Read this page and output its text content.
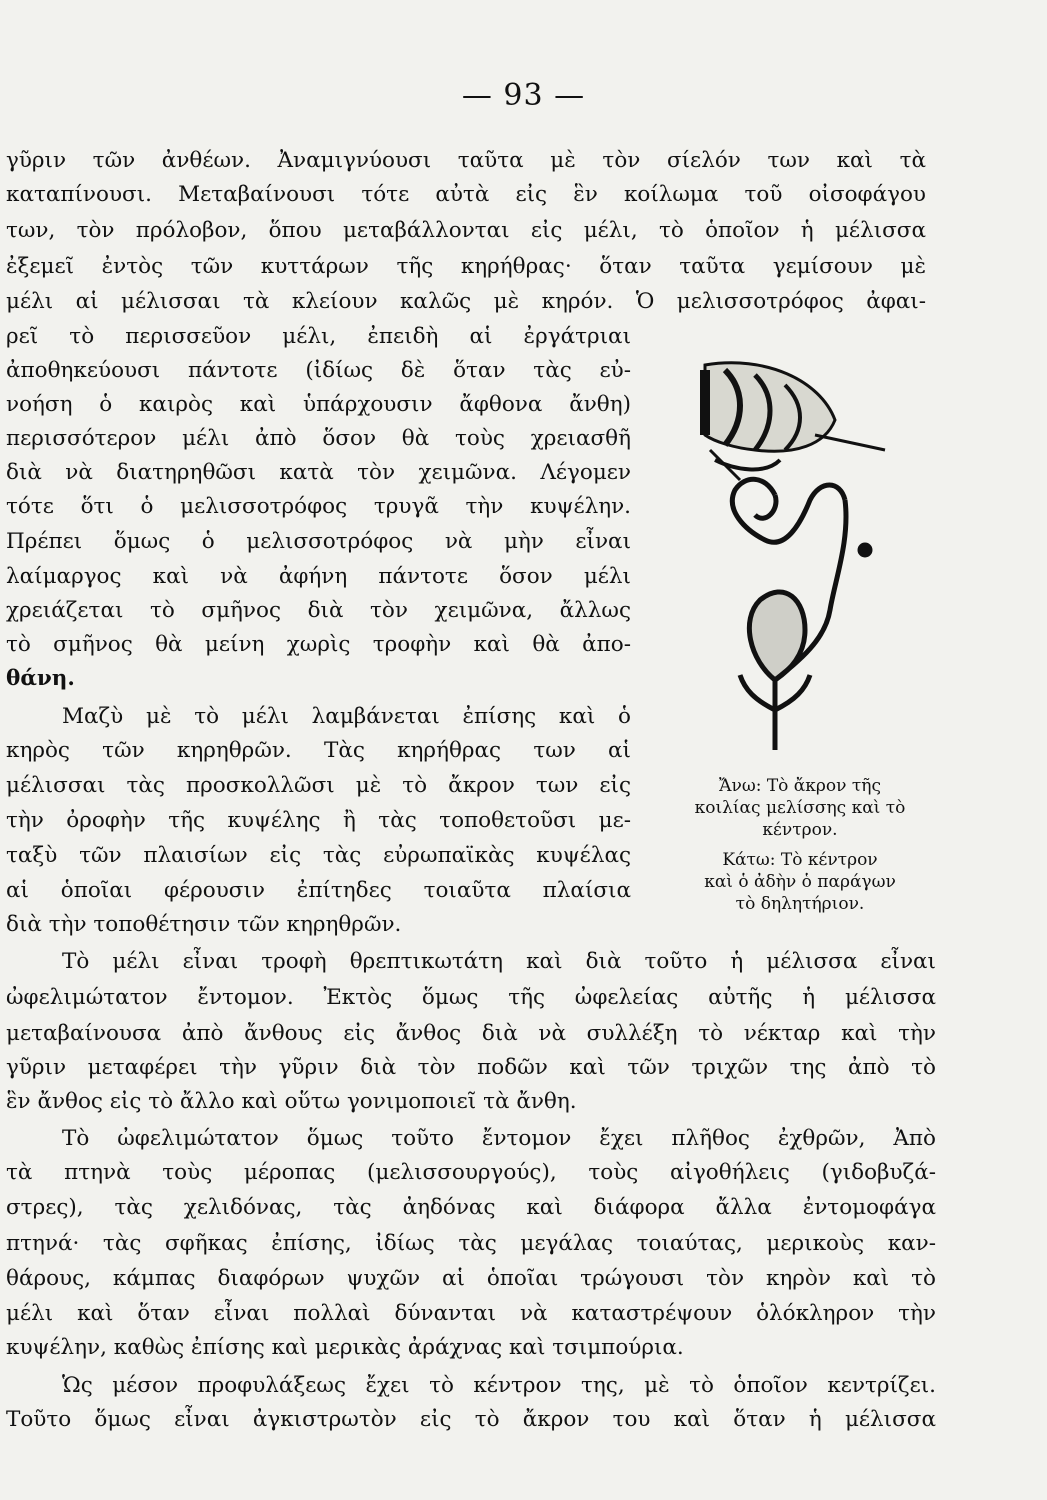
— 93 —
γῦριν τῶν ἀνθέων. Ἀναμιγνύουσι ταῦτα μὲ τὸν σίελόν των καὶ τὰ
καταπίνουσι. Μεταβαίνουσι τότε αὐτὰ εἰς ἓν κοίλωμα τοῦ οἰσοφάγου
των, τὸν πρόλοβον, ὅπου μεταβάλλονται εἰς μέλι, τὸ ὁποῖον ἡ μέλισσα
ἐξεμεῖ ἐντὸς τῶν κυττάρων τῆς κηρήθρας· ὅταν ταῦτα γεμίσουν μὲ
μέλι αἱ μέλισσαι τὰ κλείουν καλῶς μὲ κηρόν. Ὁ μελισσοτρόφος ἀφαι-
ρεῖ τὸ περισσεῦον μέλι, ἐπειδὴ αἱ ἐργάτριαι
ἀποθηκεύουσι πάντοτε (ἰδίως δὲ ὅταν τὰς εὐ-
νοήση ὁ καιρὸς καὶ ὑπάρχουσιν ἄφθονα ἄνθη)
περισσότερον μέλι ἀπὸ ὅσον θὰ τοὺς χρειασθῆ
διὰ νὰ διατηρηθῶσι κατὰ τὸν χειμῶνα. Λέγομεν
τότε ὅτι ὁ μελισσοτρόφος τρυγᾶ τὴν κυψέλην.
Πρέπει ὅμως ὁ μελισσοτρόφος νὰ μὴν εἶναι
λαίμαργος καὶ νὰ ἀφήνη πάντοτε ὅσον μέλι
χρειάζεται τὸ σμῆνος διὰ τὸν χειμῶνα, ἄλλως
τὸ σμῆνος θὰ μείνη χωρὶς τροφὴν καὶ θὰ ἀπο-
θάνη.
Μαζὺ μὲ τὸ μέλι λαμβάνεται ἐπίσης καὶ ὁ
κηρὸς τῶν κηρηθρῶν. Τὰς κηρήθρας των αἱ
μέλισσαι τὰς προσκολλῶσι μὲ τὸ ἄκρον των εἰς
τὴν ὀροφὴν τῆς κυψέλης ἢ τὰς τοποθετοῦσι με-
ταξὺ τῶν πλαισίων εἰς τὰς εὐρωπαϊκὰς κυψέλας
αἱ ὁποῖαι φέρουσιν ἐπίτηδες τοιαῦτα πλαίσια
διὰ τὴν τοποθέτησιν τῶν κηρηθρῶν.
Ἄνω: Τὸ ἄκρον τῆς
κοιλίας μελίσσης καὶ τὸ
κέντρον.
Κάτω: Τὸ κέντρον
καὶ ὁ ἀδὴν ὁ παράγων
τὸ δηλητήριον.
Τὸ μέλι εἶναι τροφὴ θρεπτικωτάτη καὶ διὰ τοῦτο ἡ μέλισσα εἶναι
ὠφελιμώτατον ἔντομον. Ἐκτὸς ὅμως τῆς ὠφελείας αὐτῆς ἡ μέλισσα
μεταβαίνουσα ἀπὸ ἄνθους εἰς ἄνθος διὰ νὰ συλλέξη τὸ νέκταρ καὶ τὴν
γῦριν μεταφέρει τὴν γῦριν διὰ τὸν ποδῶν καὶ τῶν τριχῶν της ἀπὸ τὸ
ἓν ἄνθος εἰς τὸ ἄλλο καὶ οὕτω γονιμοποιεῖ τὰ ἄνθη.
Τὸ ὠφελιμώτατον ὅμως τοῦτο ἔντομον ἔχει πλῆθος ἐχθρῶν, Ἀπὸ
τὰ πτηνὰ τοὺς μέροπας (μελισσουργούς), τοὺς αἰγοθήλεις (γιδοβυζά-
στρες), τὰς χελιδόνας, τὰς ἀηδόνας καὶ διάφορα ἄλλα ἐντομοφάγα
πτηνά· τὰς σφῆκας ἐπίσης, ἰδίως τὰς μεγάλας τοιαύτας, μερικοὺς καν-
θάρους, κάμπας διαφόρων ψυχῶν αἱ ὁποῖαι τρώγουσι τὸν κηρὸν καὶ τὸ
μέλι καὶ ὅταν εἶναι πολλαὶ δύνανται νὰ καταστρέψουν ὁλόκληρον τὴν
κυψέλην, καθὼς ἐπίσης καὶ μερικὰς ἀράχνας καὶ τσιμπούρια.
Ὡς μέσον προφυλάξεως ἔχει τὸ κέντρον της, μὲ τὸ ὁποῖον κεντρίζει.
Τοῦτο ὅμως εἶναι ἀγκιστρωτὸν εἰς τὸ ἄκρον του καὶ ὅταν ἡ μέλισσα
